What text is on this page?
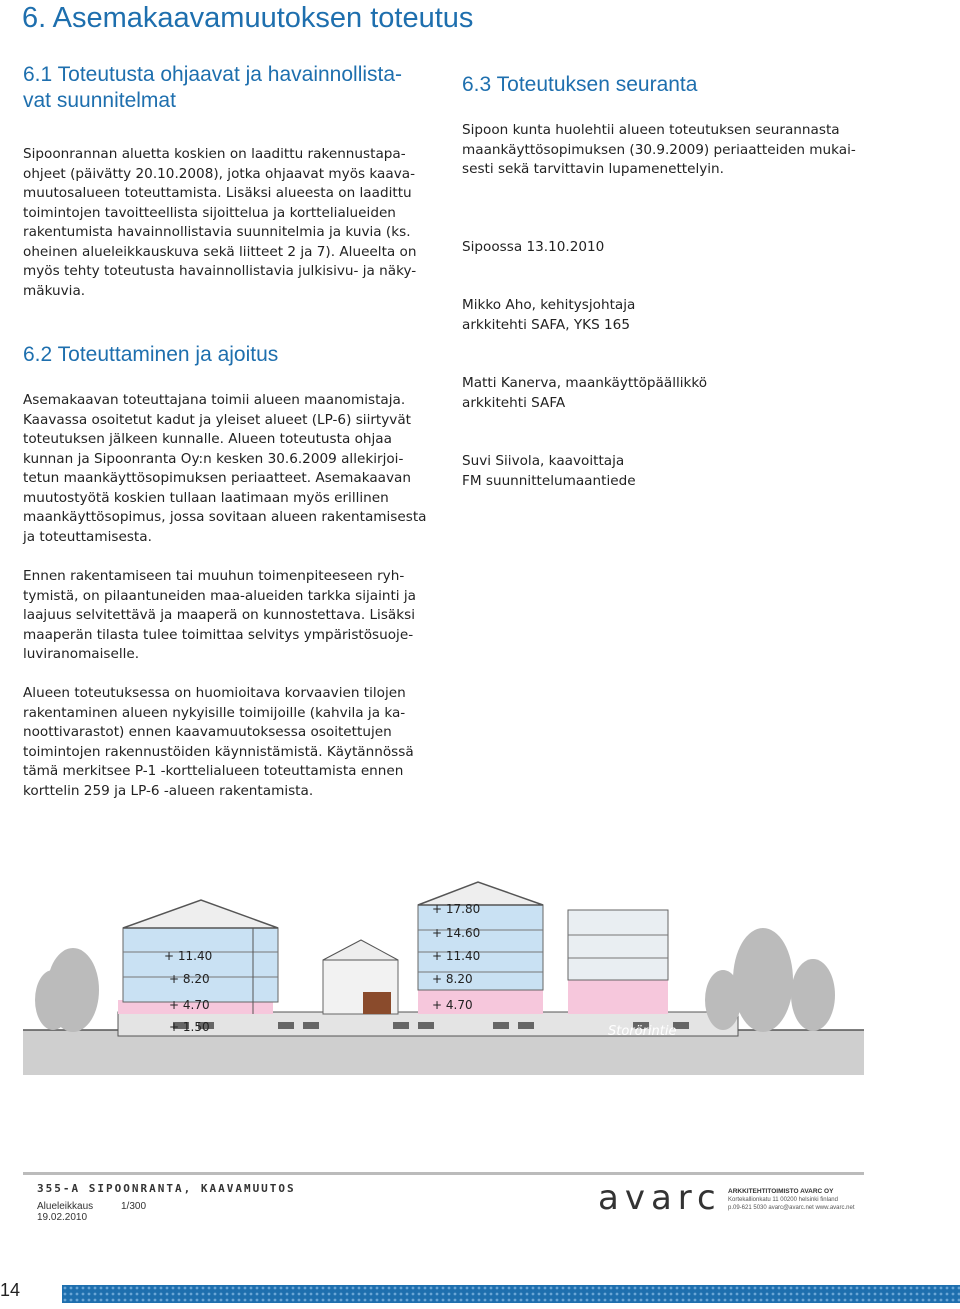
6. Asemakaavamuutoksen toteutus
6.1 Toteutusta ohjaavat ja havainnollista-
vat suunnitelmat
Sipoonrannan aluetta koskien on laadittu rakennustapa-
ohjeet (päivätty 20.10.2008), jotka ohjaavat myös kaava-
muutosalueen toteuttamista. Lisäksi alueesta on laadittu
toimintojen tavoitteellista sijoittelua ja korttelialueiden
rakentumista havainnollistavia suunnitelmia ja kuvia (ks.
oheinen alueleikkauskuva sekä liitteet 2 ja 7). Alueelta on
myös tehty toteutusta havainnollistavia julkisivu- ja näky-
mäkuvia.
6.2 Toteuttaminen ja ajoitus
Asemakaavan toteuttajana toimii alueen maanomistaja.
Kaavassa osoitetut kadut ja yleiset alueet (LP-6) siirtyvät
toteutuksen jälkeen kunnalle. Alueen toteutusta ohjaa
kunnan ja Sipoonranta Oy:n kesken 30.6.2009 allekirjoi-
tetun maankäyttösopimuksen periaatteet. Asemakaavan
muutostyötä koskien tullaan laatimaan myös erillinen
maankäyttösopimus, jossa sovitaan alueen rakentamisesta
ja toteuttamisesta.
Ennen rakentamiseen tai muuhun toimenpiteeseen ryh-
tymistä, on pilaantuneiden maa-alueiden tarkka sijainti ja
laajuus selvitettävä ja maaperä on kunnostettava. Lisäksi
maaperän tilasta tulee toimittaa selvitys ympäristösuoje-
luviranomaiselle.
Alueen toteutuksessa on huomioitava korvaavien tilojen
rakentaminen alueen nykyisille toimijoille (kahvila ja ka-
noottivarastot) ennen kaavamuutoksessa osoitettujen
toimintojen rakennustöiden käynnistämistä. Käytännössä
tämä merkitsee P-1 -korttelialueen toteuttamista ennen
korttelin 259 ja LP-6 -alueen rakentamista.
6.3 Toteutuksen seuranta
Sipoon kunta huolehtii alueen toteutuksen seurannasta
maankäyttösopimuksen (30.9.2009) periaatteiden mukai-
sesti sekä tarvittavin lupamenettelyin.
Sipoossa 13.10.2010
Mikko Aho, kehitysjohtaja
arkkitehti SAFA, YKS 165
Matti Kanerva, maankäyttöpäällikkö
arkkitehti SAFA
Suvi Siivola, kaavoittaja
FM suunnittelumaantiede
+ 11.40
+ 8.20
+ 4.70
+ 1.50
+ 17.80
+ 14.60
+ 11.40
+ 8.20
+ 4.70
Storörintie
355-A SIPOONRANTA, KAAVAMUUTOS
Alueleikkaus	1/300
19.02.2010	avarc ARKKITEHTITOIMISTO AVARC OY
Kortekallionkatu 11 00200 helsinki finland
p.09-621 5030 avarc@avarc.net www.avarc.net
14
